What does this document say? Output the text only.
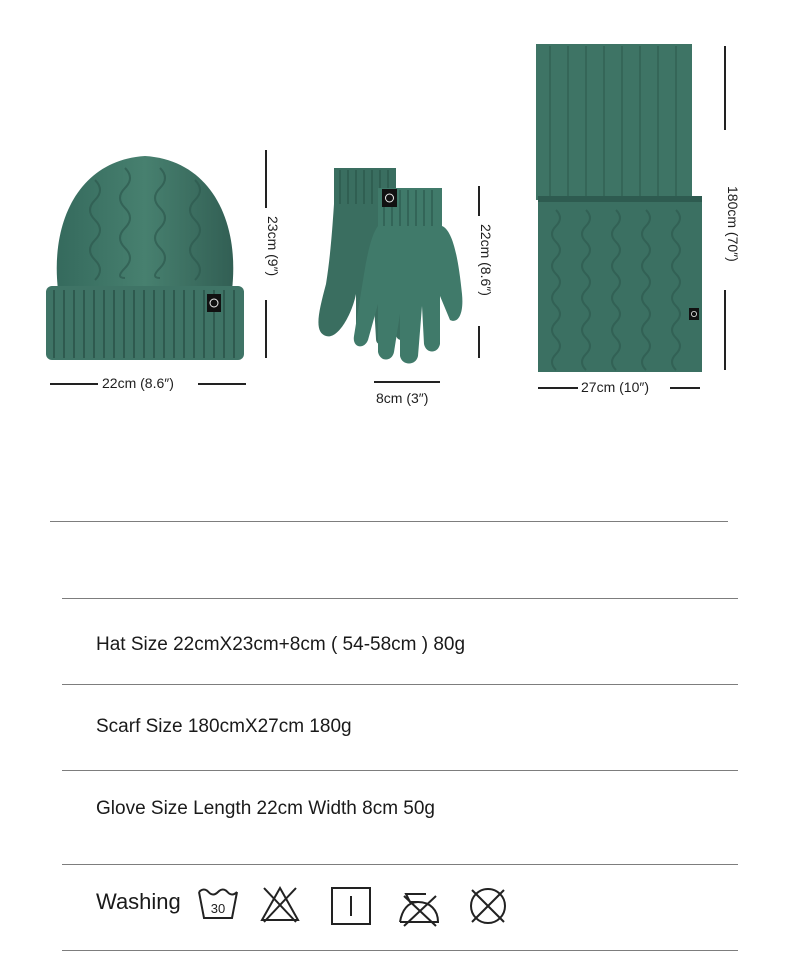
22cm (8.6″)
23cm (9″)
8cm (3″)
22cm (8.6″)
27cm (10″)
180cm (70″)
Hat Size 22cmX23cm+8cm ( 54-58cm ) 80g
Scarf Size 180cmX27cm 180g
Glove Size Length 22cm Width 8cm 50g
Washing 30
